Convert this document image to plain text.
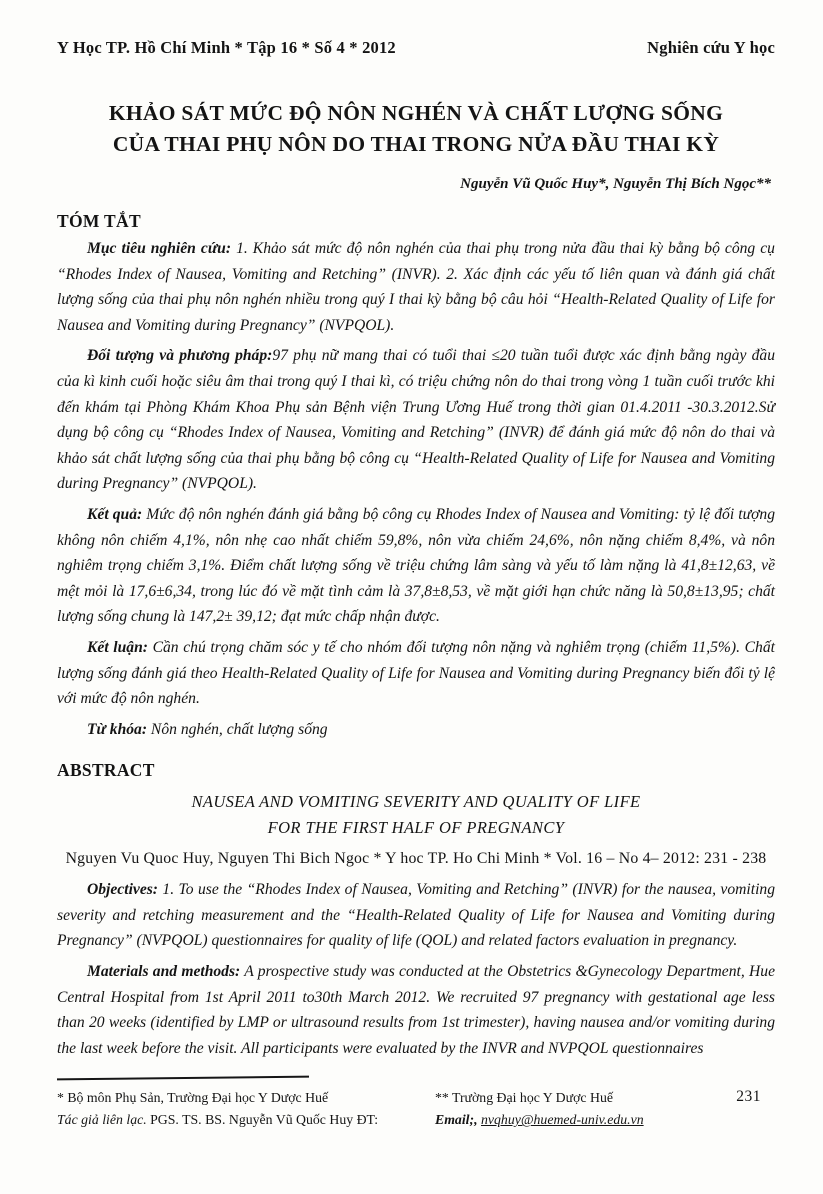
Y Học TP. Hồ Chí Minh * Tập 16 * Số 4 * 2012	Nghiên cứu Y học
KHẢO SÁT MỨC ĐỘ NÔN NGHÉN VÀ CHẤT LƯỢNG SỐNG
CỦA THAI PHỤ NÔN DO THAI TRONG NỬA ĐẦU THAI KỲ
Nguyễn Vũ Quốc Huy*, Nguyễn Thị Bích Ngọc**
TÓM TẮT

Mục tiêu nghiên cứu: 1. Khảo sát mức độ nôn nghén của thai phụ trong nửa đầu thai kỳ bằng bộ công cụ “Rhodes Index of Nausea, Vomiting and Retching” (INVR). 2. Xác định các yếu tố liên quan và đánh giá chất lượng sống của thai phụ nôn nghén nhiều trong quý I thai kỳ bằng bộ câu hỏi “Health-Related Quality of Life for Nausea and Vomiting during Pregnancy” (NVPQOL).

Đối tượng và phương pháp:97 phụ nữ mang thai có tuổi thai ≤20 tuần tuổi được xác định bằng ngày đầu của kì kinh cuối hoặc siêu âm thai trong quý I thai kì, có triệu chứng nôn do thai trong vòng 1 tuần cuối trước khi đến khám tại Phòng Khám Khoa Phụ sản Bệnh viện Trung Ương Huế trong thời gian 01.4.2011 -30.3.2012.Sử dụng bộ công cụ “Rhodes Index of Nausea, Vomiting and Retching” (INVR) để đánh giá mức độ nôn do thai và khảo sát chất lượng sống của thai phụ bằng bộ công cụ “Health-Related Quality of Life for Nausea and Vomiting during Pregnancy” (NVPQOL).

Kết quả: Mức độ nôn nghén đánh giá bằng bộ công cụ Rhodes Index of Nausea and Vomiting: tỷ lệ đối tượng không nôn chiếm 4,1%, nôn nhẹ cao nhất chiếm 59,8%, nôn vừa chiếm 24,6%, nôn nặng chiếm 8,4%, và nôn nghiêm trọng chiếm 3,1%. Điểm chất lượng sống về triệu chứng lâm sàng và yếu tố làm nặng là 41,8±12,63, về mệt mỏi là 17,6±6,34, trong lúc đó về mặt tình cảm là 37,8±8,53, về mặt giới hạn chức năng là 50,8±13,95; chất lượng sống chung là 147,2± 39,12; đạt mức chấp nhận được.

Kết luận: Cần chú trọng chăm sóc y tế cho nhóm đối tượng nôn nặng và nghiêm trọng (chiếm 11,5%). Chất lượng sống đánh giá theo Health-Related Quality of Life for Nausea and Vomiting during Pregnancy biến đổi tỷ lệ với mức độ nôn nghén.

Từ khóa: Nôn nghén, chất lượng sống

ABSTRACT
NAUSEA AND VOMITING SEVERITY AND QUALITY OF LIFE
FOR THE FIRST HALF OF PREGNANCY
Nguyen Vu Quoc Huy, Nguyen Thi Bich Ngoc * Y hoc TP. Ho Chi Minh * Vol. 16 – No 4– 2012: 231 - 238

Objectives: 1. To use the “Rhodes Index of Nausea, Vomiting and Retching” (INVR) for the nausea, vomiting severity and retching measurement and the “Health-Related Quality of Life for Nausea and Vomiting during Pregnancy” (NVPQOL) questionnaires for quality of life (QOL) and related factors evaluation in pregnancy.

Materials and methods: A prospective study was conducted at the Obstetrics &Gynecology Department, Hue Central Hospital from 1st April 2011 to30th March 2012. We recruited 97 pregnancy with gestational age less than 20 weeks (identified by LMP or ultrasound results from 1st trimester), having nausea and/or vomiting during the last week before the visit. All participants were evaluated by the INVR and NVPQOL questionnaires

* Bộ môn Phụ Sản, Trường Đại học Y Dược Huế
Tác giả liên lạc. PGS. TS. BS. Nguyễn Vũ Quốc Huy ĐT:
** Trường Đại học Y Dược Huế
Email;, nvqhuy@huemed-univ.edu.vn
231
